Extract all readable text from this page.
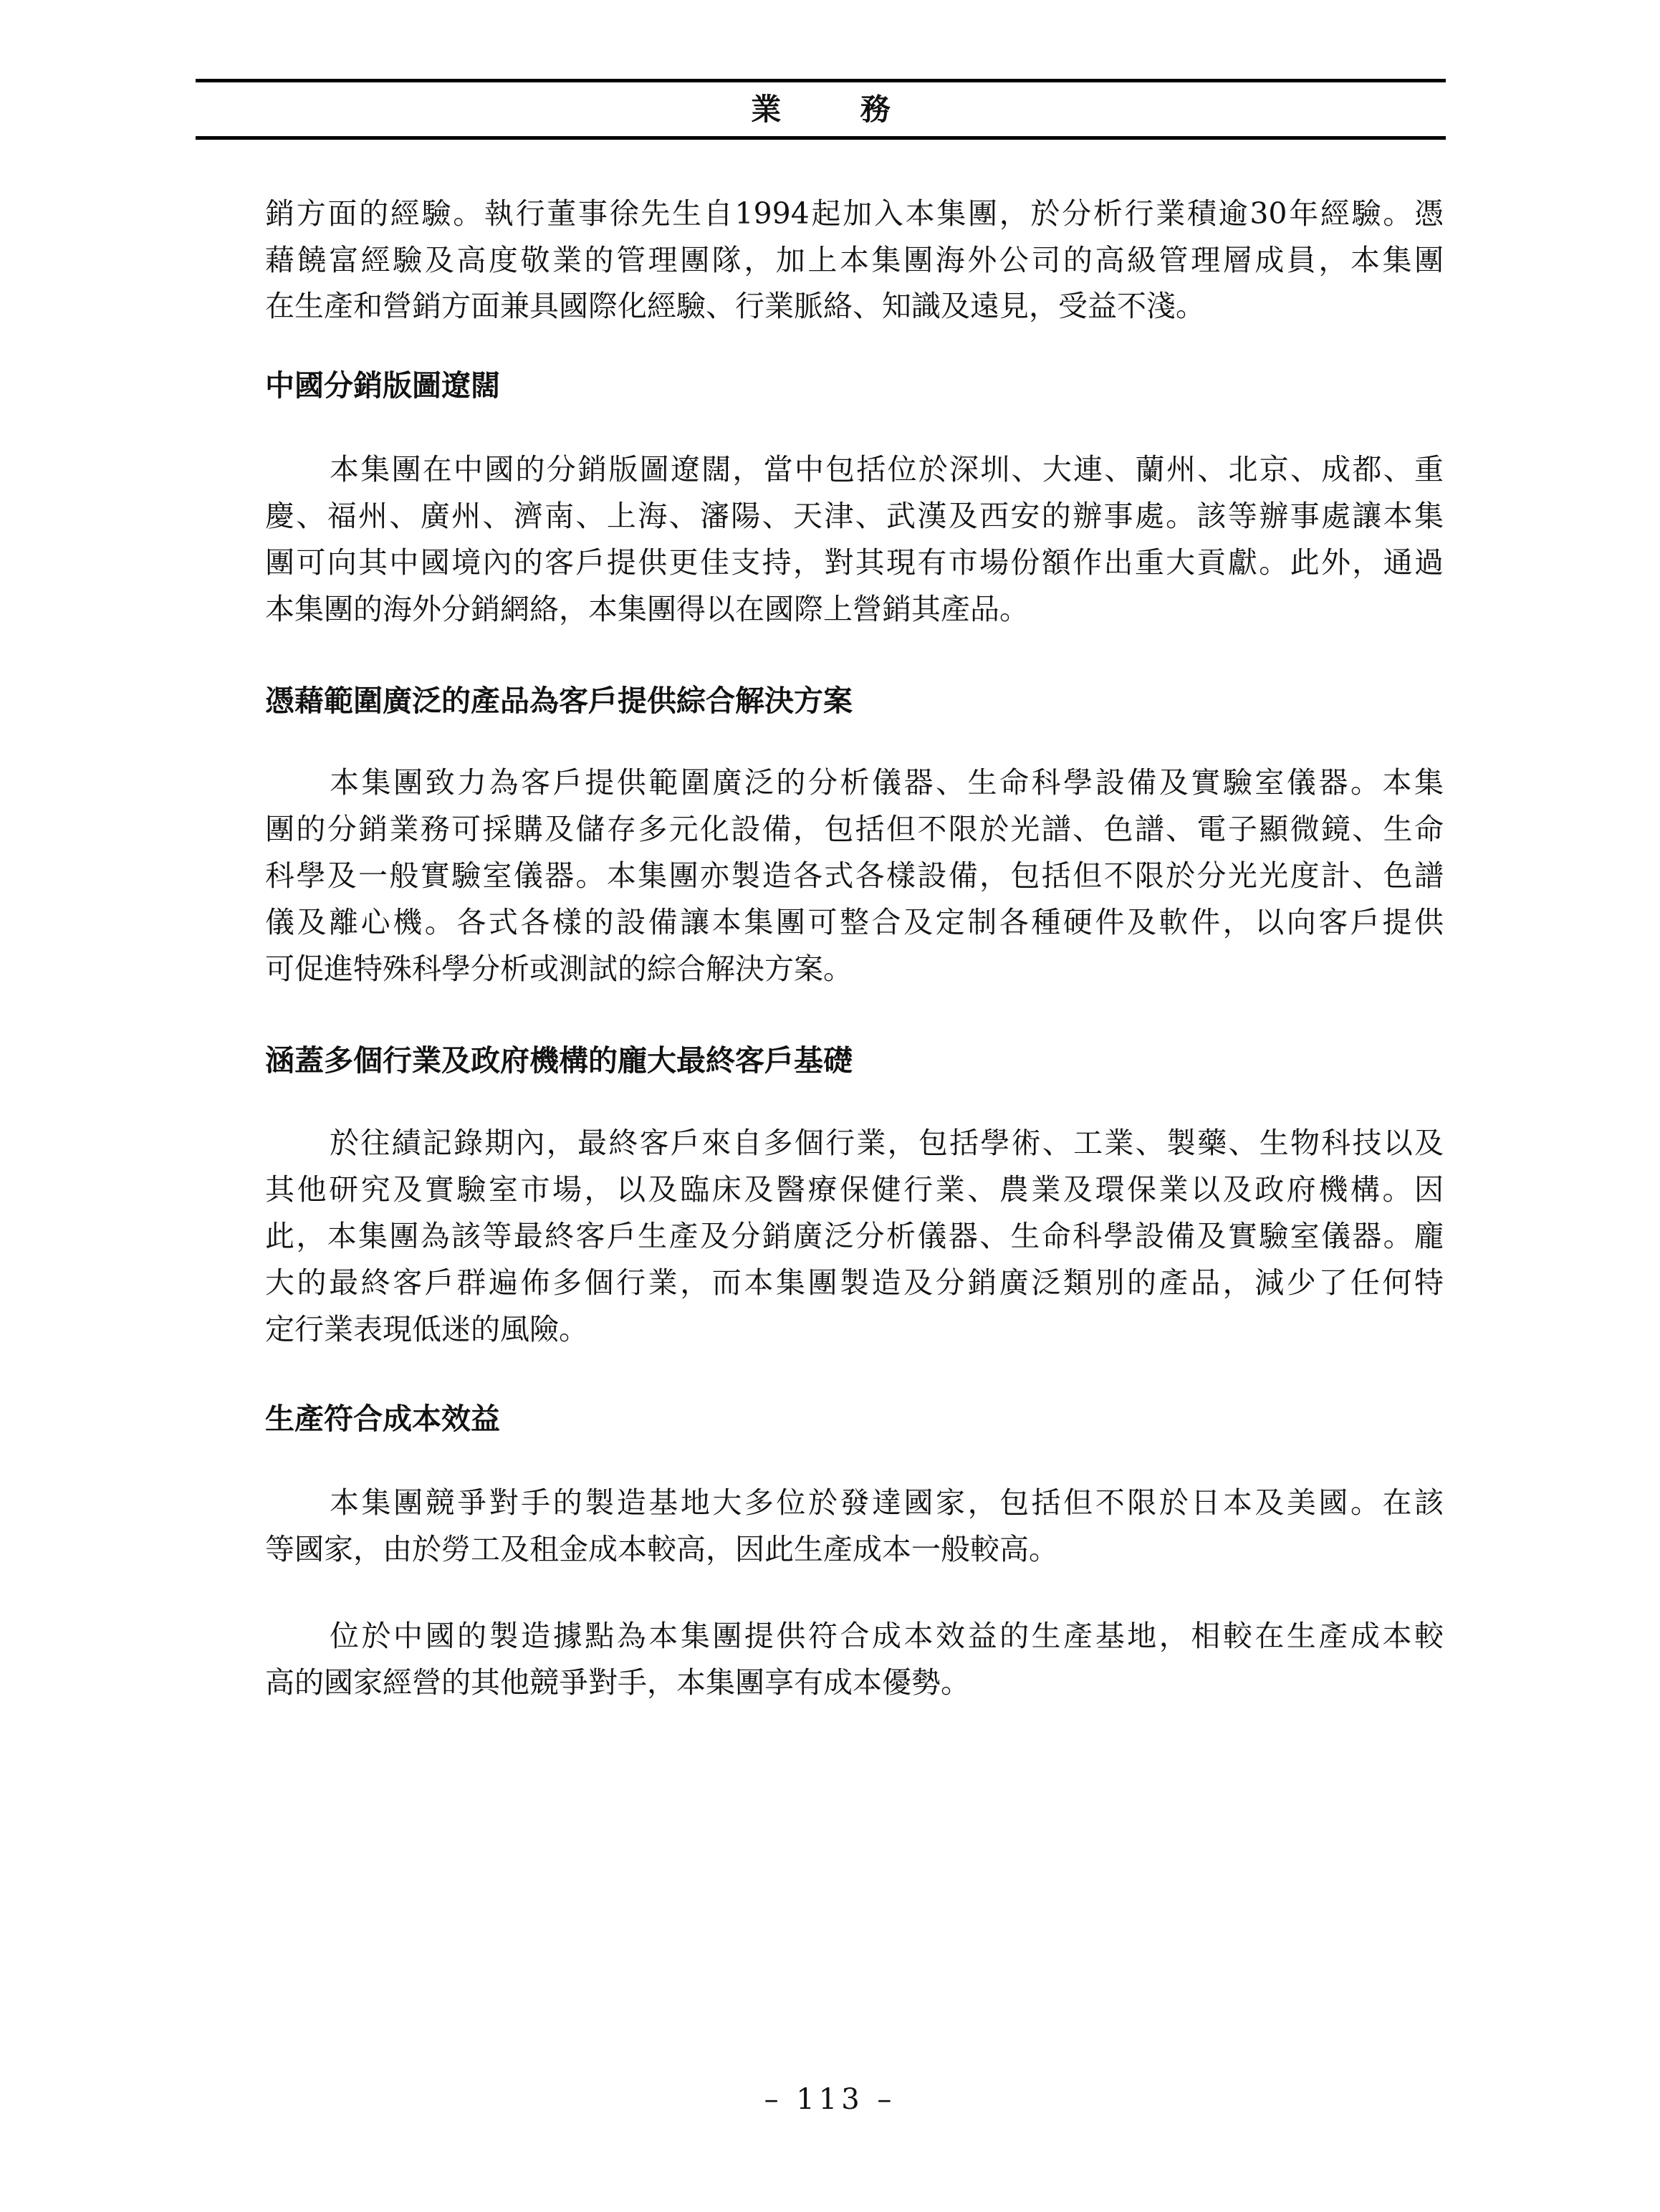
業 務
銷方面的經驗。執行董事徐先生自1994起加入本集團，於分析行業積逾30年經驗。憑
藉饒富經驗及高度敬業的管理團隊，加上本集團海外公司的高級管理層成員，本集團
在生產和營銷方面兼具國際化經驗、行業脈絡、知識及遠見，受益不淺。
中國分銷版圖遼闊
本集團在中國的分銷版圖遼闊，當中包括位於深圳、大連、蘭州、北京、成都、重
慶、福州、廣州、濟南、上海、瀋陽、天津、武漢及西安的辦事處。該等辦事處讓本集
團可向其中國境內的客戶提供更佳支持，對其現有市場份額作出重大貢獻。此外，通過
本集團的海外分銷網絡，本集團得以在國際上營銷其產品。
憑藉範圍廣泛的產品為客戶提供綜合解決方案
本集團致力為客戶提供範圍廣泛的分析儀器、生命科學設備及實驗室儀器。本集
團的分銷業務可採購及儲存多元化設備，包括但不限於光譜、色譜、電子顯微鏡、生命
科學及一般實驗室儀器。本集團亦製造各式各樣設備，包括但不限於分光光度計、色譜
儀及離心機。各式各樣的設備讓本集團可整合及定制各種硬件及軟件，以向客戶提供
可促進特殊科學分析或測試的綜合解決方案。
涵蓋多個行業及政府機構的龐大最終客戶基礎
於往績記錄期內，最終客戶來自多個行業，包括學術、工業、製藥、生物科技以及
其他研究及實驗室市場，以及臨床及醫療保健行業、農業及環保業以及政府機構。因
此，本集團為該等最終客戶生產及分銷廣泛分析儀器、生命科學設備及實驗室儀器。龐
大的最終客戶群遍佈多個行業，而本集團製造及分銷廣泛類別的產品，減少了任何特
定行業表現低迷的風險。
生產符合成本效益
本集團競爭對手的製造基地大多位於發達國家，包括但不限於日本及美國。在該
等國家，由於勞工及租金成本較高，因此生產成本一般較高。
位於中國的製造據點為本集團提供符合成本效益的生產基地，相較在生產成本較
高的國家經營的其他競爭對手，本集團享有成本優勢。
– 113 –
